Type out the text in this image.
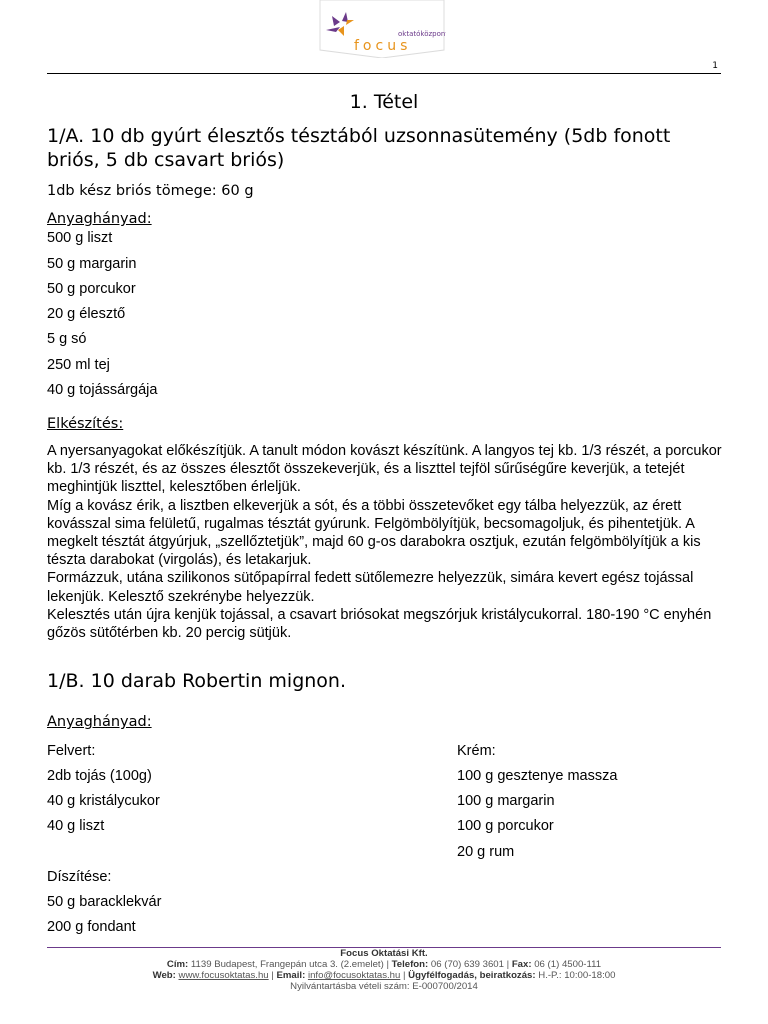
oktatóközpont
focus
1
1. Tétel
1/A. 10 db gyúrt élesztős tésztából uzsonnasütemény (5db fonott briós, 5 db csavart briós)
1db kész briós tömege: 60 g
Anyaghányad:
500 g liszt
50 g margarin
50 g porcukor
20 g élesztő
5 g só
250 ml tej
40 g tojássárgája
Elkészítés:

A nyersanyagokat előkészítjük. A tanult módon kovászt készítünk. A langyos tej kb. 1/3 részét, a porcukor kb. 1/3 részét, és az összes élesztőt összekeverjük, és a liszttel tejföl sűrűségűre keverjük, a tetejét meghintjük liszttel, kelesztőben érleljük.

Míg a kovász érik, a lisztben elkeverjük a sót, és a többi összetevőket egy tálba helyezzük, az érett kovásszal sima felületű, rugalmas tésztát gyúrunk. Felgömbölyítjük, becsomagoljuk, és pihentetjük. A megkelt tésztát átgyúrjuk, „szellőztetjük”, majd 60 g-os darabokra osztjuk, ezután felgömbölyítjük a kis tészta darabokat (virgolás), és letakarjuk.

Formázzuk, utána szilikonos sütőpapírral fedett sütőlemezre helyezzük, simára kevert egész tojással lekenjük. Kelesztő szekrénybe helyezzük.

Kelesztés után újra kenjük tojással, a csavart briósokat megszórjuk kristálycukorral. 180-190 °C enyhén gőzös sütőtérben kb. 20 percig sütjük.

1/B. 10 darab Robertin mignon.
Anyaghányad:
Felvert:
2db tojás (100g)
40 g kristálycukor
40 g liszt
Krém:
100 g gesztenye massza
100 g margarin
100 g porcukor
20 g rum
Díszítése:
50 g baracklekvár
200 g fondant
Focus Oktatási Kft.
Cím: 1139 Budapest, Frangepán utca 3. (2.emelet) | Telefon: 06 (70) 639 3601 | Fax: 06 (1) 4500-111
Web: www.focusoktatas.hu | Email: info@focusoktatas.hu | Ügyfélfogadás, beiratkozás: H.-P.: 10:00-18:00
Nyilvántartásba vételi szám: E-000700/2014
